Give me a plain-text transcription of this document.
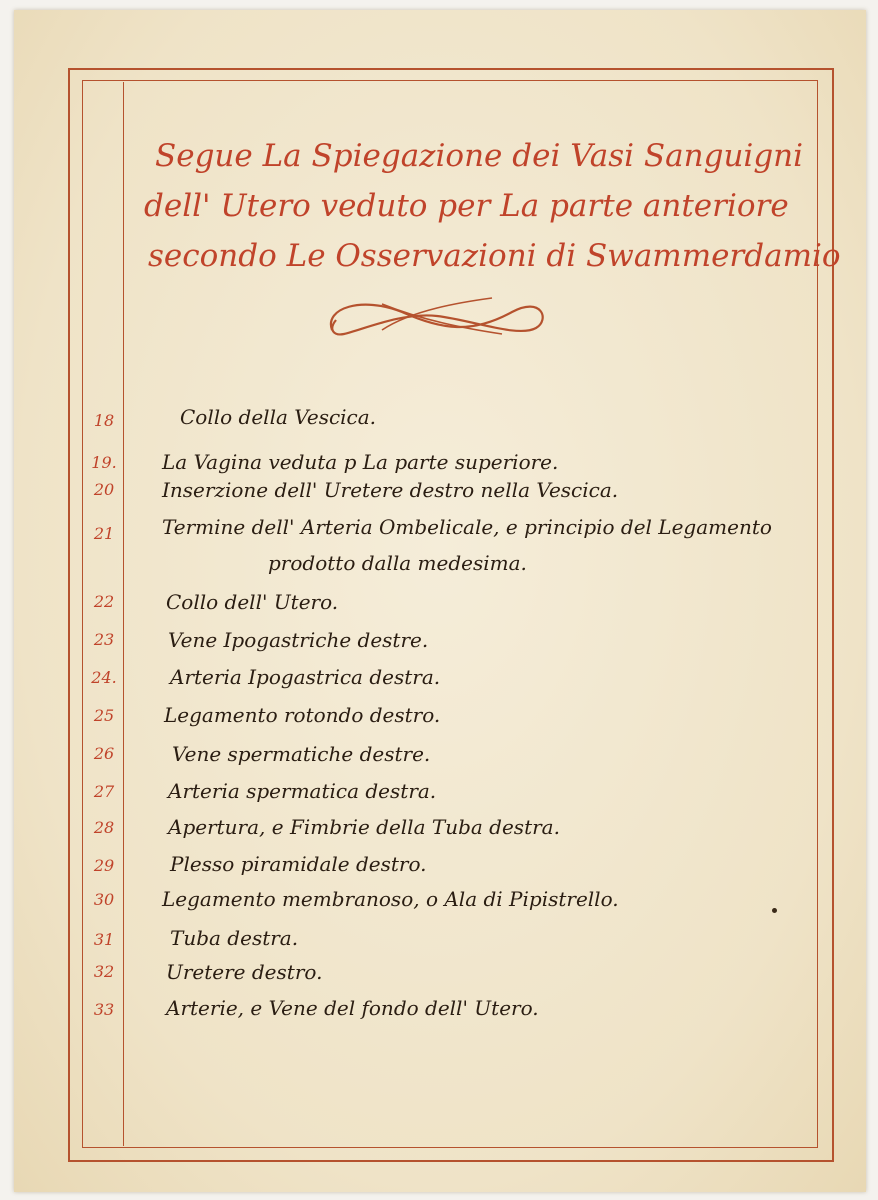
Segue La Spiegazione dei Vasi Sanguigni

dell' Utero veduto per La parte anteriore

secondo Le Osservazioni di Swammerdamio

18	Collo della Vescica.
19. La Vagina veduta p La parte superiore.
20	Inserzione dell' Uretere destro nella Vescica.
21	Termine dell' Arteria Ombelicale, e principio del Legamento
prodotto dalla medesima.
22	Collo dell' Utero.
23	Vene Ipogastriche destre.
24.	Arteria Ipogastrica destra.
25	Legamento rotondo destro.
26	Vene spermatiche destre.
27	Arteria spermatica destra.
28	Apertura, e Fimbrie della Tuba destra.
29	Plesso piramidale destro.
30	Legamento membranoso, o Ala di Pipistrello.
31	Tuba destra.
32	Uretere destro.
33	Arterie, e Vene del fondo dell' Utero.
